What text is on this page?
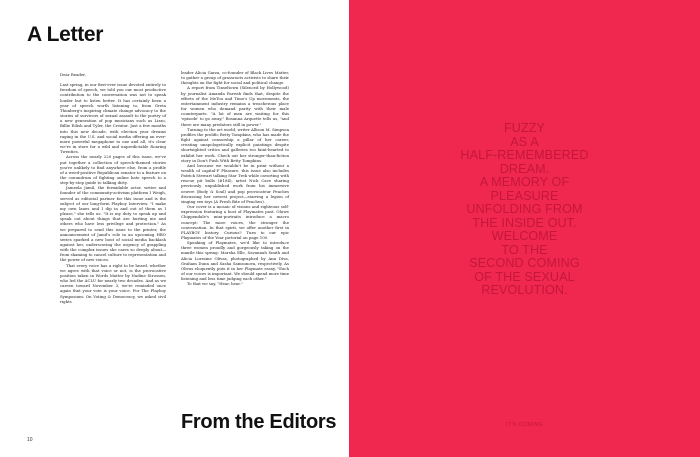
A Letter

Dear Reader,

Last spring, in our first-ever issue devoted entirely to freedom of speech, we told you our most productive contribution to the conversation was not to speak louder but to listen better. It has certainly been a year of speech worth listening to, from Greta Thunberg's inspiring climate change advocacy to the stories of survivors of sexual assault to the poetry of a new generation of pop musicians such as Lizzo, Billie Eilish and Tyler, the Creator. Just a few months into this new decade, with election year dreams raging in the U.S. and social media offering an ever-more powerful megaphone to one and all, it's clear we're in store for a wild and unpredictable Roaring Twenties.

Across the nearly 220 pages of this issue, we've put together a collection of speech-themed stories you're unlikely to find anywhere else, from a profile of a weed-positive Republican senator to a feature on the conundrum of fighting online hate speech to a step-by-step guide to talking dirty.

Jameela Jamil, the formidable actor, writer and founder of the community-activism platform I Weigh, served as editorial partner for this issue and is the subject of our long-form Playboy Interview. "I make my own lanes and I dip in and out of them as I please," she tells us. "It is my duty to speak up and speak out about things that are hurting me and others who have less privilege and protection." As we prepared to send this issue to the printer, the announcement of Jamil's role in an upcoming HBO series sparked a new bout of social media backlash against her, underscoring the urgency of grappling with the complex issues she cares so deeply about—from shaming to cancel culture to representation and the power of new voices.

That every voice has a right to be heard, whether we agree with that voice or not, is the provocative position taken in Words Matter by Nadine Strossen, who led the ACLU for nearly two decades. And as we careen toward November 3, we're reminded once again that your vote is your voice. For The Playboy Symposium: On Voting & Democracy, we asked civil rights

leader Alicia Garza, co-founder of Black Lives Matter, to gather a group of grassroots activists to share their thoughts on the fight for social and political change.

A report from Tinseltown (Silenced by Hollywood) by journalist Amanda Parrish finds that, despite the efforts of the MeToo and Time's Up movements, the entertainment industry remains a treacherous place for women who demand parity with their male counterparts. "A lot of men are waiting for this 'episode' to go away," Rosanna Arquette tells us, "and there are many predators still in power."

Turning to the art world, writer Allison M. Simpson profiles the prolific Betty Tompkins, who has made the fight against censorship a pillar of her career, creating unapologetically explicit paintings despite shortsighted critics and galleries too faint-hearted to exhibit her work. Check out her stronger-than-fiction story in Don't Push With Betty Tompkins.

And because we wouldn't be in print without a wealth of capital-F Pleasure, this issue also includes Patrick Stewart talking Star Trek while cavorting with rescue pit bulls (#184), artist Nick Cave sharing previously unpublished work from his immersive oeuvre (Body & Soul) and pop provocateur Peaches discussing her newest project—starring a legion of singing sex toys (A Fresh Bite of Peaches).

Our cover is a mosaic of visions and righteous self-expression featuring a host of Playmates past. Oluwe Chippendale's mini-portraits introduce a macro concept: The more voices, the stronger the conversation. In that spirit, we offer another first in PLAYBOY history. Curious? Turn to our epic Playmates of the Year pictorial on page 100.

Speaking of Playmates, we'd like to introduce three women proudly and gorgeously taking on the mantle this spring: Marsha Elle, Savannah Smith and Alicia Lorraine Olivas, photographed by Ann Diva, Graham Dunn and Sasha Samsonova, respectively. As Olivas eloquently puts it in her Playmate essay, "Each of our voices is important. We should spend more time listening and less time judging each other."

To that we say, "Hear, hear."

From the Editors
10
FUZZY
AS A
HALF-REMEMBERED
DREAM.
A MEMORY OF
PLEASURE
UNFOLDING FROM
THE INSIDE OUT.
WELCOME
TO THE
SECOND COMING
OF THE SEXUAL
REVOLUTION.
IT'S COMING
